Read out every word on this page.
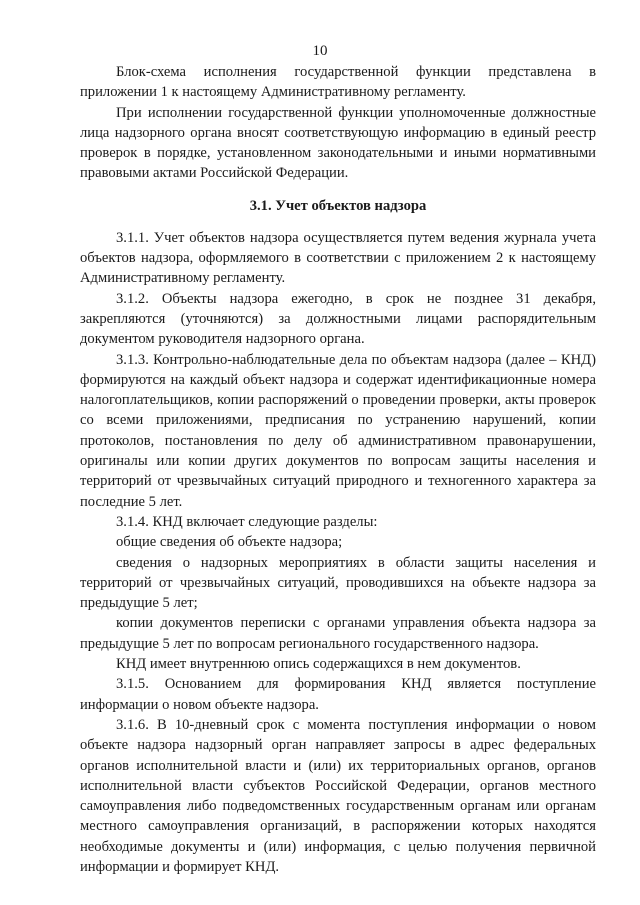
10

Блок-схема исполнения государственной функции представлена в приложении 1 к настоящему Административному регламенту.

При исполнении государственной функции уполномоченные должностные лица надзорного органа вносят соответствующую информацию в единый реестр проверок в порядке, установленном законодательными и иными нормативными правовыми актами Российской Федерации.

3.1. Учет объектов надзора

3.1.1. Учет объектов надзора осуществляется путем ведения журнала учета объектов надзора, оформляемого в соответствии с приложением 2 к настоящему Административному регламенту.

3.1.2. Объекты надзора ежегодно, в срок не позднее 31 декабря, закрепляются (уточняются) за должностными лицами распорядительным документом руководителя надзорного органа.

3.1.3. Контрольно-наблюдательные дела по объектам надзора (далее – КНД) формируются на каждый объект надзора и содержат идентификационные номера налогоплательщиков, копии распоряжений о проведении проверки, акты проверок со всеми приложениями, предписания по устранению нарушений, копии протоколов, постановления по делу об административном правонарушении, оригиналы или копии других документов по вопросам защиты населения и территорий от чрезвычайных ситуаций природного и техногенного характера за последние 5 лет.

3.1.4. КНД включает следующие разделы:

общие сведения об объекте надзора;

сведения о надзорных мероприятиях в области защиты населения и территорий от чрезвычайных ситуаций, проводившихся на объекте надзора за предыдущие 5 лет;

копии документов переписки с органами управления объекта надзора за предыдущие 5 лет по вопросам регионального государственного надзора.

КНД имеет внутреннюю опись содержащихся в нем документов.

3.1.5. Основанием для формирования КНД является поступление информации о новом объекте надзора.

3.1.6. В 10-дневный срок с момента поступления информации о новом объекте надзора надзорный орган направляет запросы в адрес федеральных органов исполнительной власти и (или) их территориальных органов, органов исполнительной власти субъектов Российской Федерации, органов местного самоуправления либо подведомственных государственным органам или органам местного самоуправления организаций, в распоряжении которых находятся необходимые документы и (или) информация, с целью получения первичной информации и формирует КНД.
